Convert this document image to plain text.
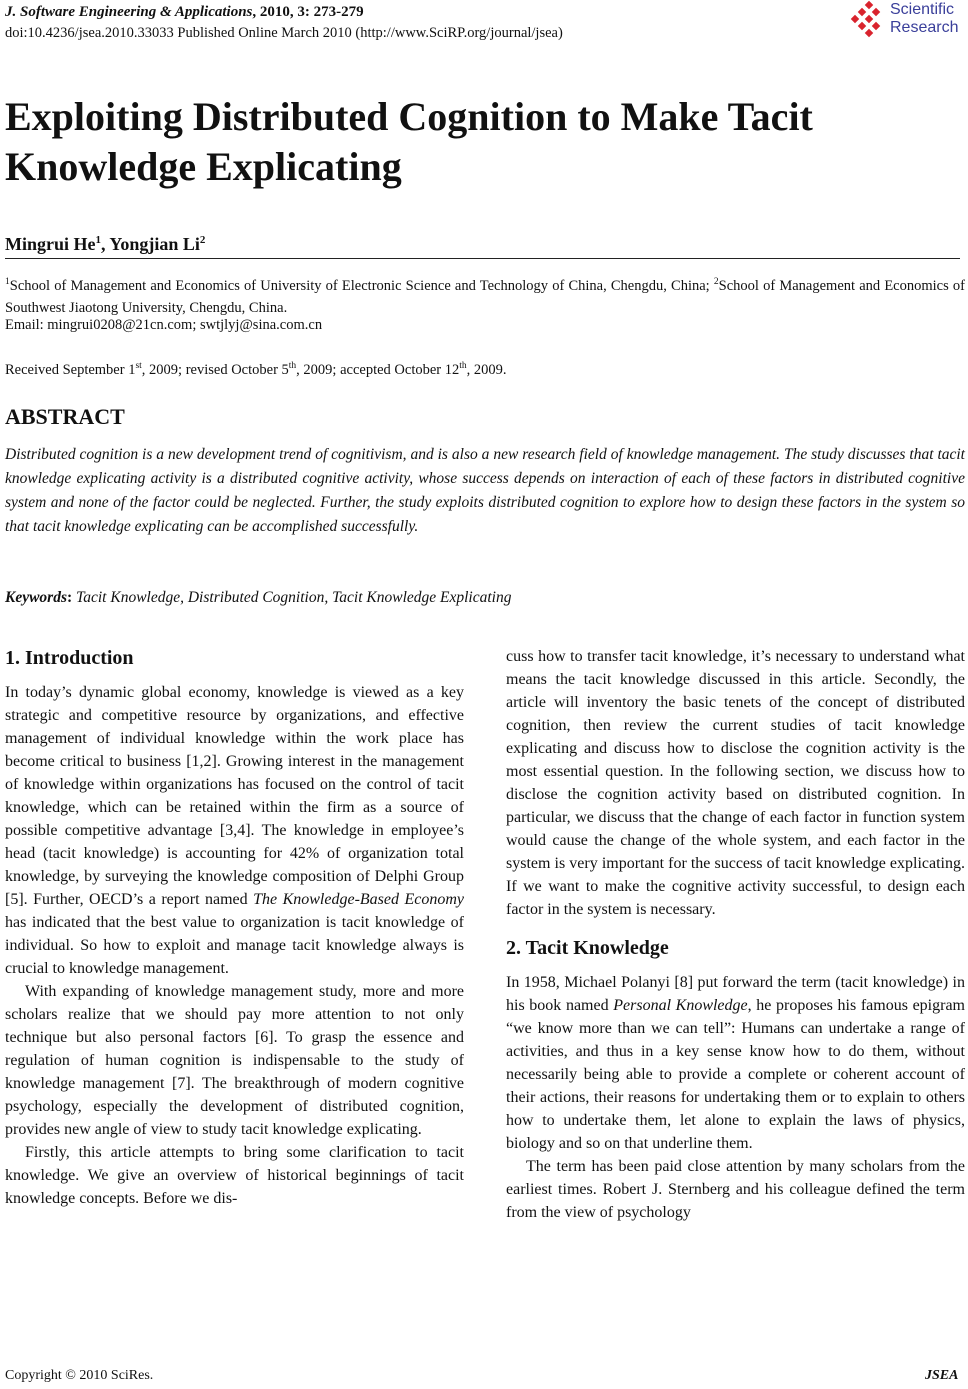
J. Software Engineering & Applications, 2010, 3: 273-279
doi:10.4236/jsea.2010.33033 Published Online March 2010 (http://www.SciRP.org/journal/jsea)
Scientific
Research
Exploiting Distributed Cognition to Make Tacit Knowledge Explicating
Mingrui He$^1$, Yongjian Li$^2$
$^1$School of Management and Economics of University of Electronic Science and Technology of China, Chengdu, China; $^2$School of Management and Economics of Southwest Jiaotong University, Chengdu, China.
Email: mingrui0208@21cn.com; swtjlyj@sina.com.cn
Received September 1st, 2009; revised October 5th, 2009; accepted October 12th, 2009.
ABSTRACT
Distributed cognition is a new development trend of cognitivism, and is also a new research field of knowledge management. The study discusses that tacit knowledge explicating activity is a distributed cognitive activity, whose success depends on interaction of each of these factors in distributed cognitive system and none of the factor could be neglected. Further, the study exploits distributed cognition to explore how to design these factors in the system so that tacit knowledge explicating can be accomplished successfully.
Keywords: Tacit Knowledge, Distributed Cognition, Tacit Knowledge Explicating
1. Introduction

In today’s dynamic global economy, knowledge is viewed as a key strategic and competitive resource by organizations, and effective management of individual knowledge within the work place has become critical to business [1,2]. Growing interest in the management of knowledge within organizations has focused on the control of tacit knowledge, which can be retained within the firm as a source of possible competitive advantage [3,4]. The knowledge in employee’s head (tacit knowledge) is accounting for 42% of organization total knowledge, by surveying the knowledge composition of Delphi Group [5]. Further, OECD’s a report named The Knowledge-Based Economy has indicated that the best value to organization is tacit knowledge of individual. So how to exploit and manage tacit knowledge always is crucial to knowledge management.

With expanding of knowledge management study, more and more scholars realize that we should pay more attention to not only technique but also personal factors [6]. To grasp the essence and regulation of human cognition is indispensable to the study of knowledge management [7]. The breakthrough of modern cognitive psychology, especially the development of distributed cognition, provides new angle of view to study tacit knowledge explicating.

Firstly, this article attempts to bring some clarification to tacit knowledge. We give an overview of historical beginnings of tacit knowledge concepts. Before we dis-

cuss how to transfer tacit knowledge, it’s necessary to understand what means the tacit knowledge discussed in this article. Secondly, the article will inventory the basic tenets of the concept of distributed cognition, then review the current studies of tacit knowledge explicating and discuss how to disclose the cognition activity is the most essential question. In the following section, we discuss how to disclose the cognition activity based on distributed cognition. In particular, we discuss that the change of each factor in function system would cause the change of the whole system, and each factor in the system is very important for the success of tacit knowledge explicating. If we want to make the cognitive activity successful, to design each factor in the system is necessary.

2. Tacit Knowledge

In 1958, Michael Polanyi [8] put forward the term (tacit knowledge) in his book named Personal Knowledge, he proposes his famous epigram “we know more than we can tell”: Humans can undertake a range of activities, and thus in a key sense know how to do them, without necessarily being able to provide a complete or coherent account of their actions, their reasons for undertaking them or to explain to others how to undertake them, let alone to explain the laws of physics, biology and so on that underline them.

The term has been paid close attention by many scholars from the earliest times. Robert J. Sternberg and his colleague defined the term from the view of psychology

Copyright © 2010 SciRes.	JSEA
